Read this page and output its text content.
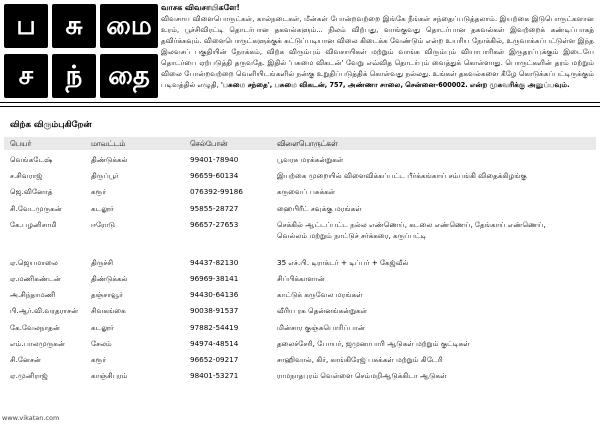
ப	சு மை
ச	ந் தை
வாசக விவசாயிகளே!
விவசாய விளைபொருட்கள், கால்நடைகள், மீன்கள் போன்றவற்றை இங்கே நீங்கள் சந்தைப்படுத்தலாம். இயற்கை இடுபொருட்களான உரம், பூச்சிவிரட்டி தொடர்பான தகவல்களும்... நிலம் விற்பது, வாங்குவது தொடர்பான தகவல்கள் இவற்றைக் கண்டிப்பாகத் தவிர்க்கவும். விளைபொருட்களுக்குக் கட்டுப்படியான விலை கிடைக்க வேண்டும் என்ற உயரிய நோக்கில், உருவாக்கப்பட்டுள்ள இந்த இலவசப் பகுதியின் நோக்கம், விற்க விரும்பும் விவசாயிகள் மற்றும் வாங்க விரும்பும் வியாபாரிகள் இருதரப்புக்கும் இடையே தொடர்பை ஏற்படுத்தி தருவதே. இதில் 'பசுமை விகடன்' வேறு எவ்வித தொடர்பும் வைத்துக் கொள்ளாது. பொருட்களின் தரம் மற்றும் விலை போன்றவற்றை வெளியிடங்களில் நன்கு உறுதிப்படுத்திக் கொள்வது நல்லது. உங்கள் தகவல்களை கீழே கொடுக்கப்பட்டிருக்கும் படிவத்தில் எழுதி, 'பசுமை சந்தை', பசுமை விகடன், 757, அண்ணா சாலை, சென்னை-600002. என்ற முகவரிக்கு அனுப்பவும்.
விற்க விரும்புகிறேன்
பெயர்	மாவட்டம்	செல்போன்	விளைபொருட்கள்
வெங்கடேஷ்	திண்டுக்கல்	99401-78940	பூவரசு மரக்கன்றுகள்
ச.சிவராஜ்	திருப்பூர்	96659-60134	இயற்கை முறையில் விளைவிக்கப்பட்ட பீர்க்கங்காய் சம்பங்கி விதைக்கிழங்கு
ஜெ.வினோத்	கரூர்	076392-99186	கருவைப் பசுக்கள்
சி.வேடமுருகன்	கடலூர்	95855-28727	ஹைபிரீட் சவுக்கு மரங்கள்
கே.பழனிசாமி	ஈரோடு	96657-27653	செக்கில் ஆட்டப்பட்ட நல்ல எண்ணெய், கடலை எண்ணெய், தேங்காய் எண்ணெய், வெல்லம் மற்றும் நாட்டுச் சர்க்கரை, கருப்பட்டி
ஏ.ஜெயமாலை	திருச்சி	94437-82130	35 எச்.பி. டிராக்டர் + டிப்பர் + கேஜ்வீல்
ஏ.மணிகண்டன்	திண்டுக்கல்	96969-38141	சிப்பிக்காளான்
அ.சிந்தாமணி	தஞ்சாவூர்	94430-64136	காட்டுக் கருவேல மரங்கள்
பி.ஆர்.வி.வரதராசன் சிவகங்கை	90038-91537	வீரிய ரக தென்னங்கன்றுகள்
கே.வேலநாதன்	கடலூர்	97882-54419	மின்சார குஞ்சுபொரிப்பான்
எம்.பாலமுருகன்	சேலம்	94974-48514	தலைச்சேரி, போயர், ஜமுனாபாரி ஆடுகள் மற்றும் குட்டிகள்
சி.னேசன்	கரூர்	96652-09217	சாஹிவால், கிர், காங்கிரேஜ் பசுக்கள் மற்றும் கிடேரி
ஏ.முனிராஜ்	காஞ்சிபுரம்	98401-53271	ராமநாதபுரம் வெள்ளை செம்மறிஆடுக்கிடா ஆடுகள்
www.vikatan.com
